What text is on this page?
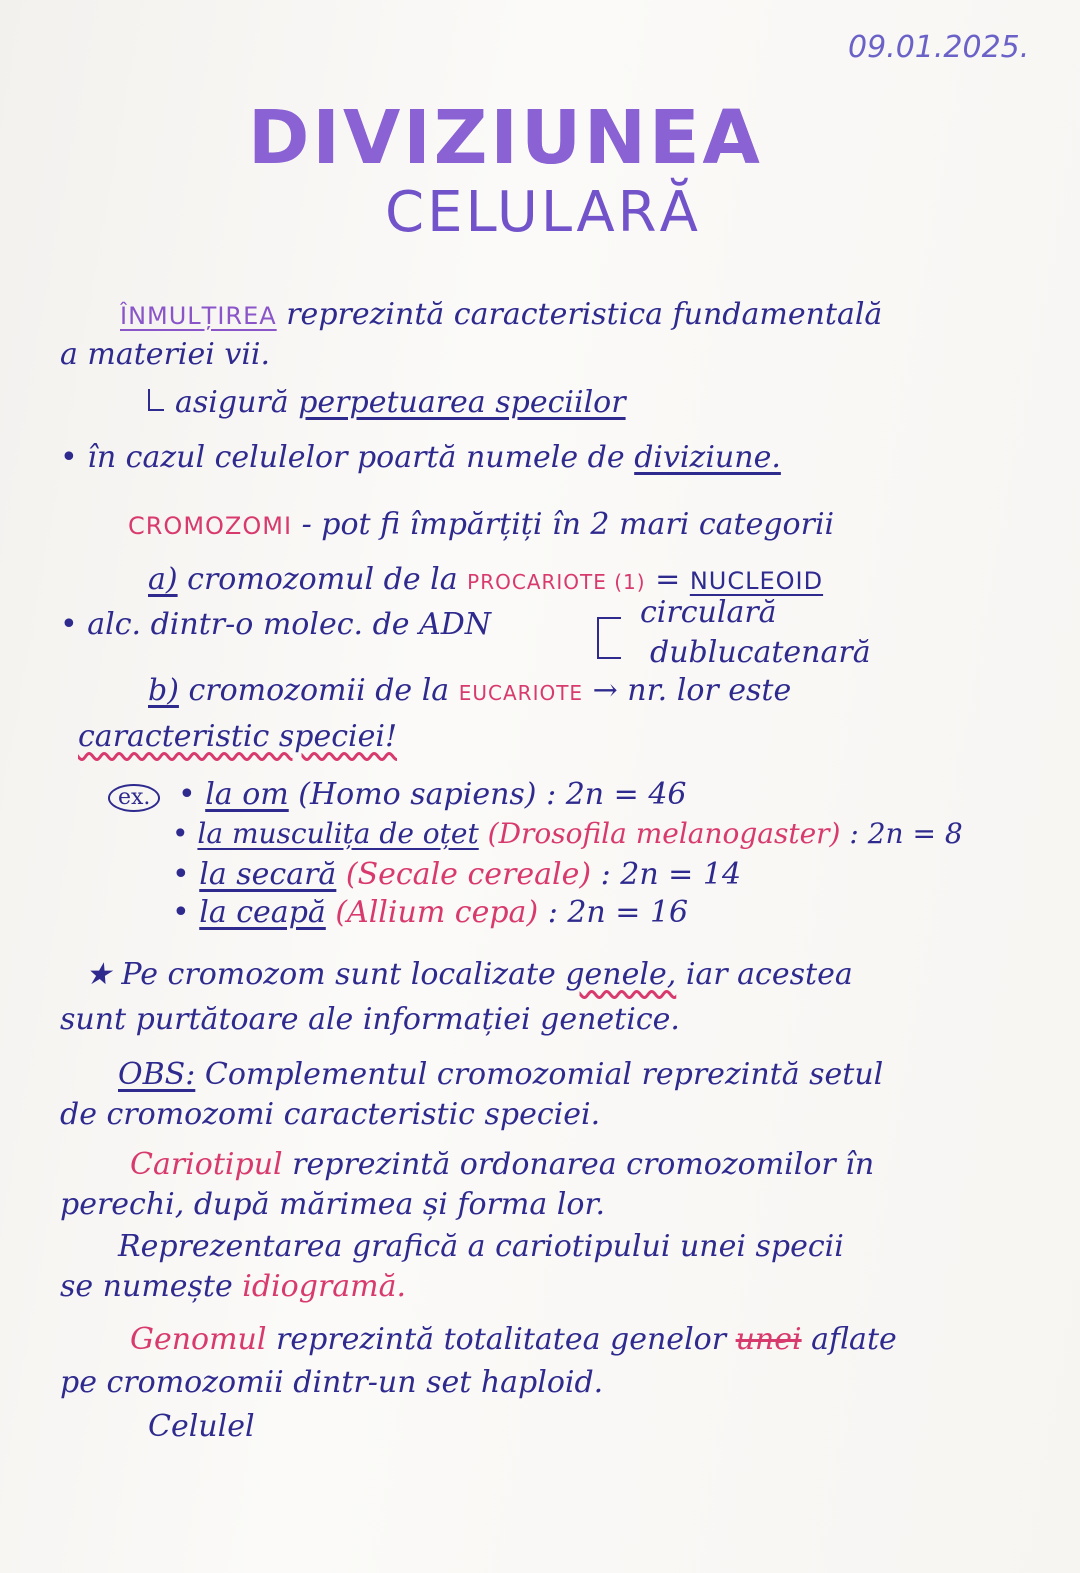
09.01.2025.
DIVIZIUNEA
CELULARĂ
ÎNMULȚIREA reprezintă caracteristica fundamentală
a materiei vii.
asigură perpetuarea speciilor
• în cazul celulelor poartă numele de diviziune.
CROMOZOMI - pot fi împărțiți în 2 mari categorii
a) cromozomul de la PROCARIOTE (1) = NUCLEOID
• alc. dintr-o molec. de ADN	circulară
dublucatenară
b) cromozomii de la EUCARIOTE → nr. lor este
caracteristic speciei!
ex. • la om (Homo sapiens) : 2n = 46
• la musculița de oțet (Drosofila melanogaster) : 2n = 8
• la secară (Secale cereale) : 2n = 14
• la ceapă (Allium cepa) : 2n = 16
★ Pe cromozom sunt localizate genele, iar acestea
sunt purtătoare ale informației genetice.
OBS: Complementul cromozomial reprezintă setul
de cromozomi caracteristic speciei.
Cariotipul reprezintă ordonarea cromozomilor în
perechi, după mărimea și forma lor.
Reprezentarea grafică a cariotipului unei specii
se numește idiogramă.
Genomul reprezintă totalitatea genelor unei aflate
pe cromozomii dintr-un set haploid.
Celulel
